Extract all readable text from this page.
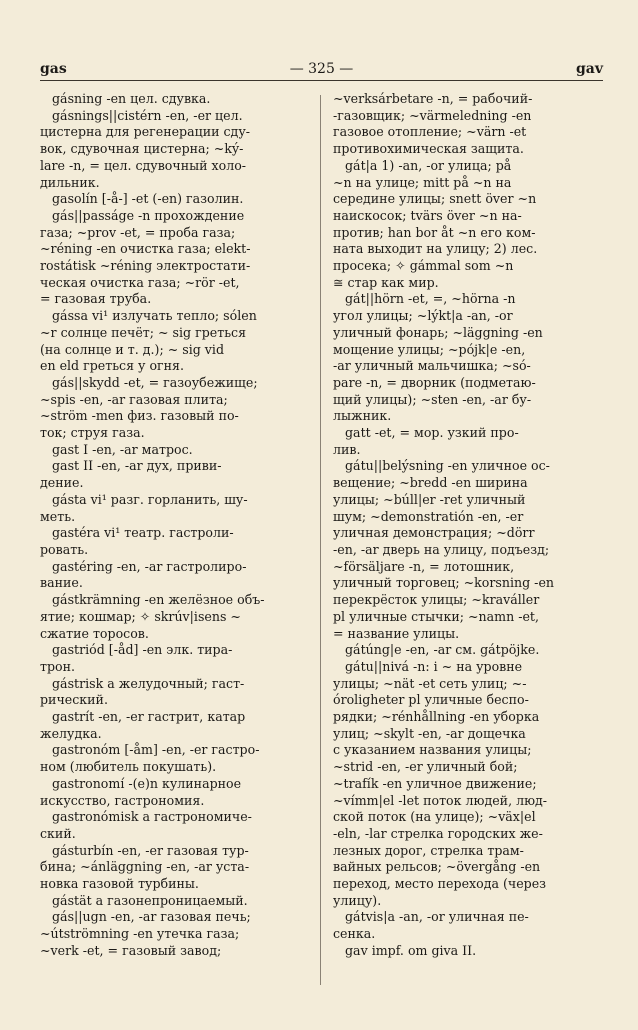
gas	— 325 —	gav
gásning -en цел. сдувка.
gásnings||cistérn -en, -er цел.
цистерна для регенерации сду-
вок, сдувочная цистерна; ~ký-
lare -n, = цел. сдувочный холо-
дильник.
gasolín [-å-] -et (-en) газолин.
gás||passáge -n прохождение
газа; ~prov -et, = проба газа;
~réning -en очистка газа; elekt-
rostátisk ~réning электростати-
ческая очистка газа; ~rör -et,
= газовая труба.
gássa vi¹ излучать тепло; sólen
~r солнце печёт; ~ sig греться
(на солнце и т. д.); ~ sig vid
en eld греться у огня.
gás||skydd -et, = газоубежище;
~spis -en, -ar газовая плита;
~ström -men физ. газовый по-
ток; струя газа.
gast I -en, -ar матрос.
gast II -en, -ar дух, приви-
дение.
gásta vi¹ разг. горланить, шу-
меть.
gastéra vi¹ театр. гастроли-
ровать.
gastéring -en, -ar гастролиро-
вание.
gástkrämning -en желёзное объ-
ятие; кошмар; ✧ skrúv|isens ~
сжатие торосов.
gastriód [-åd] -en элк. тира-
трон.
gástrisk a желудочный; гаст-
рический.
gastrít -en, -er гастрит, катар
желудка.
gastronóm [-åm] -en, -er гастро-
ном (любитель покушать).
gastronomí -(e)n кулинарное
искусство, гастрономия.
gastronómisk a гастрономиче-
ский.
gásturbín -en, -er газовая тур-
бина; ~ánläggning -en, -ar уста-
новка газовой турбины.
gástät a газонепроницаемый.
gás||ugn -en, -ar газовая печь;
~útströmning -en утечка газа;
~verk -et, = газовый завод;
~verksárbetare -n, = рабочий-
-газовщик; ~värmeledning -en
газовое отопление; ~värn -et
противохимическая защита.
gát|a 1) -an, -or улица; på
~n на улице; mitt på ~n на
середине улицы; snett över ~n
наискосок; tvärs över ~n на-
против; han bor åt ~n его ком-
ната выходит на улицу; 2) лес.
просека; ✧ gámmal som ~n
≅ стар как мир.
gát||hörn -et, =, ~hörna -n
угол улицы; ~lýkt|a -an, -or
уличный фонарь; ~läggning -en
мощение улицы; ~pójk|e -en,
-ar уличный мальчишка; ~só-
pare -n, = дворник (подметаю-
щий улицы); ~sten -en, -ar бу-
лыжник.
gatt -et, = мор. узкий про-
лив.
gátu||belýsning -en уличное ос-
вещение; ~bredd -en ширина
улицы; ~búll|er -ret уличный
шум; ~demonstratión -en, -er
уличная демонстрация; ~dörr
-en, -ar дверь на улицу, подъезд;
~försäljare -n, = лотошник,
уличный торговец; ~korsning -en
перекрёсток улицы; ~kraváller
pl уличные стычки; ~namn -et,
= название улицы.
gátúng|e -en, -ar см. gátpöjke.
gátu||nivá -n: i ~ на уровне
улицы; ~nät -et сеть улиц; ~-
óroligheter pl уличные беспо-
рядки; ~rénhållning -en уборка
улиц; ~skylt -en, -ar дощечка
с указанием названия улицы;
~strid -en, -er уличный бой;
~trafík -en уличное движение;
~vímm|el -let поток людей, люд-
ской поток (на улице); ~väx|el
-eln, -lar стрелка городских же-
лезных дорог, стрелка трам-
вайных рельсов; ~övergång -en
переход, место перехода (через
улицу).
gátvis|a -an, -or уличная пе-
сенка.
gav impf. om giva II.
